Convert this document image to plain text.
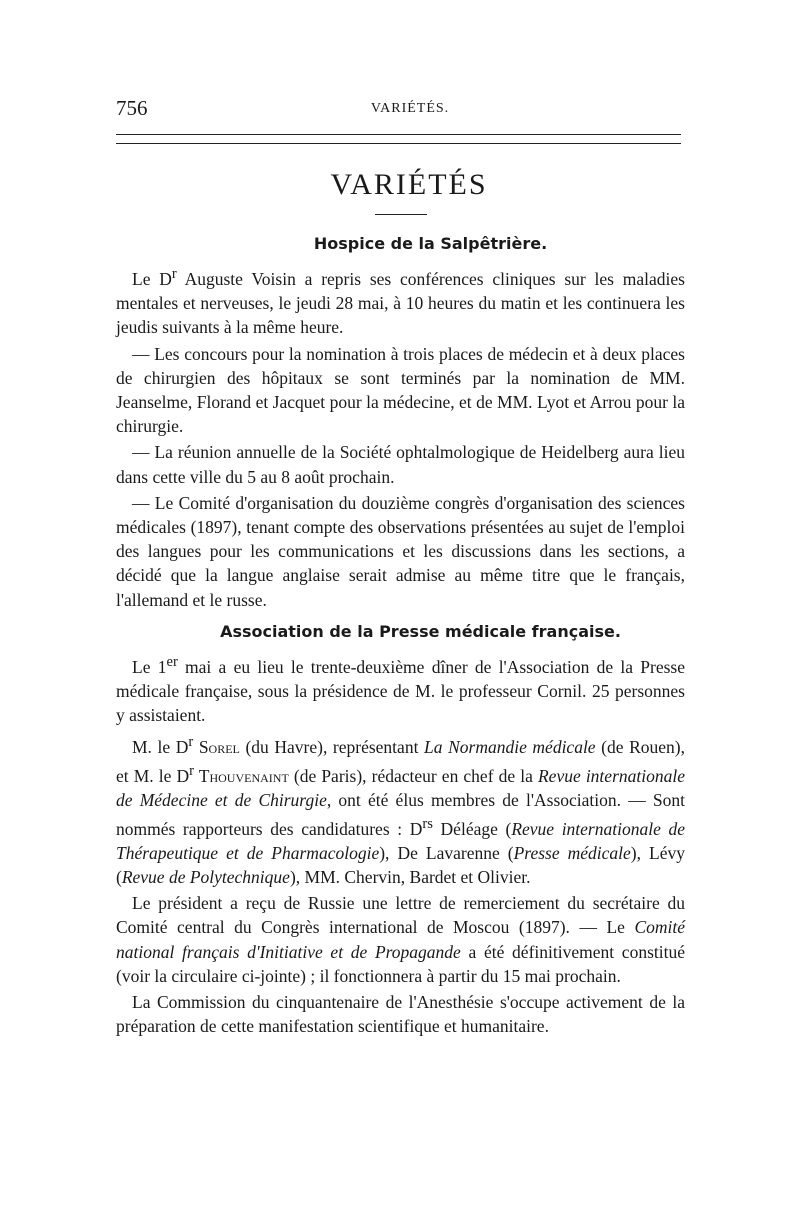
756	VARIÉTÉS.
VARIÉTÉS
Hospice de la Salpêtrière.

Le $D^r$ Auguste Voisin a repris ses conférences cliniques sur les maladies mentales et nerveuses, le jeudi 28 mai, à 10 heures du matin et les continuera les jeudis suivants à la même heure.

— Les concours pour la nomination à trois places de médecin et à deux places de chirurgien des hôpitaux se sont terminés par la nomination de MM. Jeanselme, Florand et Jacquet pour la médecine, et de MM. Lyot et Arrou pour la chirurgie.

— La réunion annuelle de la Société ophtalmologique de Heidelberg aura lieu dans cette ville du 5 au 8 août prochain.

— Le Comité d'organisation du douzième congrès d'organisation des sciences médicales (1897), tenant compte des observations présentées au sujet de l'emploi des langues pour les communications et les discussions dans les sections, a décidé que la langue anglaise serait admise au même titre que le français, l'allemand et le russe.

Association de la Presse médicale française.

Le 1er mai a eu lieu le trente-deuxième dîner de l'Association de la Presse médicale française, sous la présidence de M. le professeur Cornil. 25 personnes y assistaient.

M. le $D^r$ Sorel (du Havre), représentant La Normandie médicale (de Rouen), et M. le $D^r$ Thouvenaint (de Paris), rédacteur en chef de la Revue internationale de Médecine et de Chirurgie, ont été élus membres de l'Association. — Sont nommés rapporteurs des candidatures : $D^{rs}$ Déléage (Revue internationale de Thérapeutique et de Pharmacologie), De Lavarenne (Presse médicale), Lévy (Revue de Polytechnique), MM. Chervin, Bardet et Olivier.

Le président a reçu de Russie une lettre de remerciement du secrétaire du Comité central du Congrès international de Moscou (1897). — Le Comité national français d'Initiative et de Propagande a été définitivement constitué (voir la circulaire ci-jointe) ; il fonctionnera à partir du 15 mai prochain.

La Commission du cinquantenaire de l'Anesthésie s'occupe activement de la préparation de cette manifestation scientifique et humanitaire.
